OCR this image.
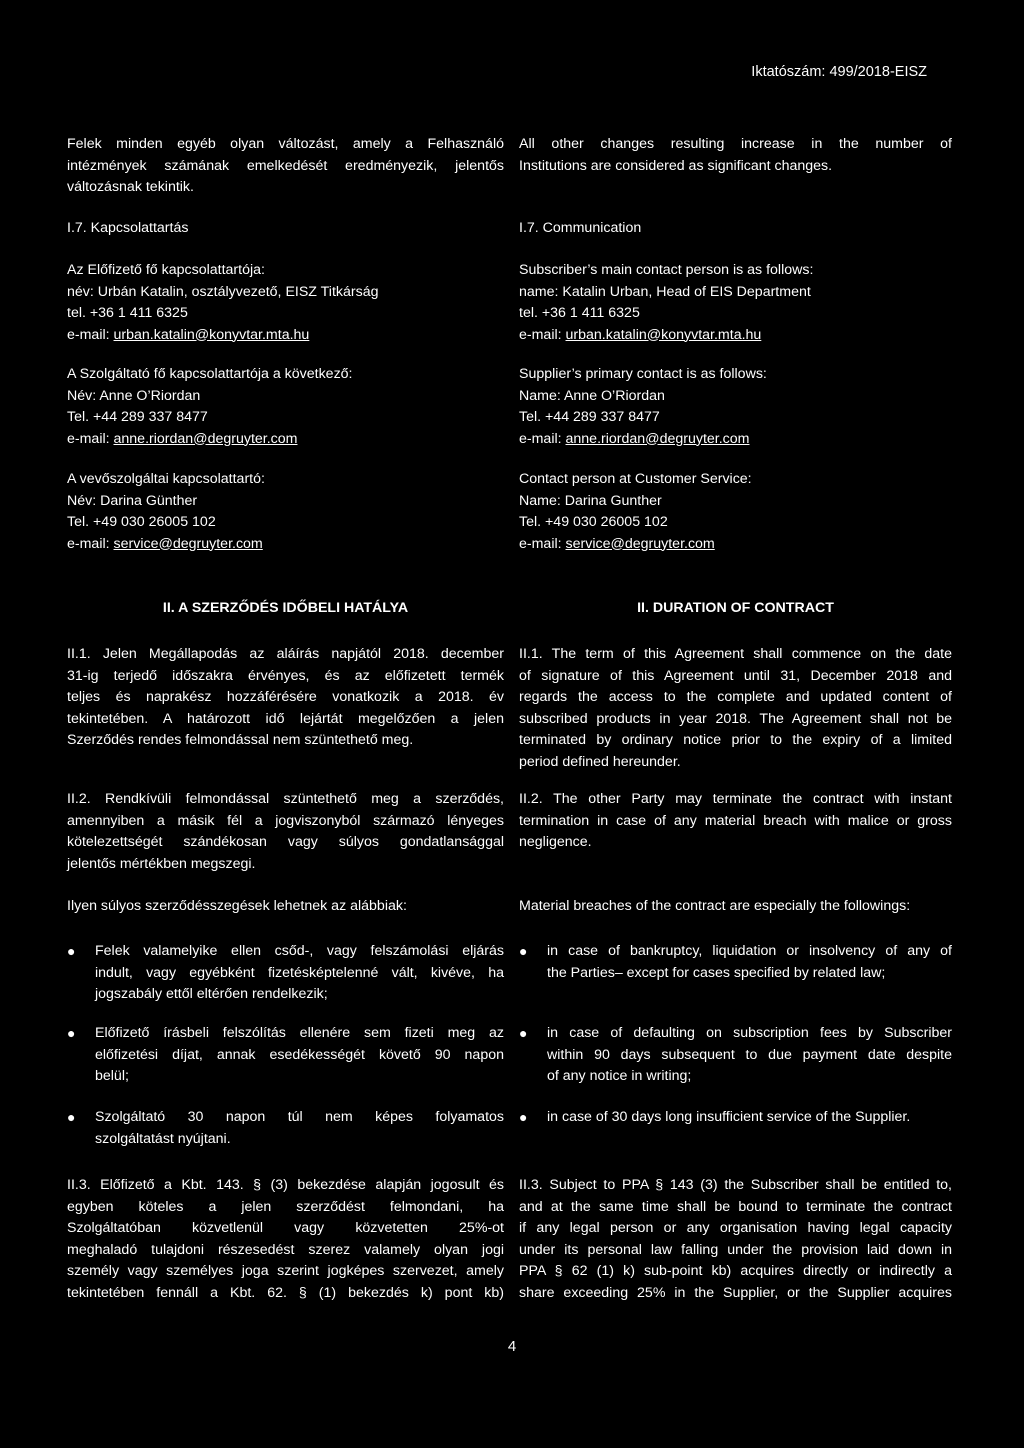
Iktatószám: 499/2018-EISZ
Felek minden egyéb olyan változást, amely a Felhasználó
intézmények számának emelkedését eredményezik, jelentős
változásnak tekintik.
All other changes resulting increase in the number of
Institutions are considered as significant changes.
I.7. Kapcsolattartás	I.7. Communication
Az Előfizető fő kapcsolattartója:
név: Urbán Katalin, osztályvezető, EISZ Titkárság
tel. +36 1 411 6325
e-mail: urban.katalin@konyvtar.mta.hu
Subscriber’s main contact person is as follows:
name: Katalin Urban, Head of EIS Department
tel. +36 1 411 6325
e-mail: urban.katalin@konyvtar.mta.hu
A Szolgáltató fő kapcsolattartója a következő:
Név: Anne O’Riordan
Tel. +44 289 337 8477
e-mail: anne.riordan@degruyter.com
Supplier’s primary contact is as follows:
Name: Anne O’Riordan
Tel. +44 289 337 8477
e-mail: anne.riordan@degruyter.com
A vevőszolgáltai kapcsolattartó:
Név: Darina Günther
Tel. +49 030 26005 102
e-mail: service@degruyter.com
Contact person at Customer Service:
Name: Darina Gunther
Tel. +49 030 26005 102
e-mail: service@degruyter.com
II. A SZERZŐDÉS IDŐBELI HATÁLYA	II. DURATION OF CONTRACT
II.1. Jelen Megállapodás az aláírás napjától 2018. december
31-ig terjedő időszakra érvényes, és az előfizetett termék
teljes és naprakész hozzáférésére vonatkozik a 2018. év
tekintetében. A határozott idő lejártát megelőzően a jelen
Szerződés rendes felmondással nem szüntethető meg.
II.1. The term of this Agreement shall commence on the date
of signature of this Agreement until 31, December 2018 and
regards the access to the complete and updated content of
subscribed products in year 2018. The Agreement shall not be
terminated by ordinary notice prior to the expiry of a limited
period defined hereunder.
II.2. Rendkívüli felmondással szüntethető meg a szerződés,
amennyiben a másik fél a jogviszonyból származó lényeges
kötelezettségét szándékosan vagy súlyos gondatlansággal
jelentős mértékben megszegi.
II.2. The other Party may terminate the contract with instant
termination in case of any material breach with malice or gross
negligence.
Ilyen súlyos szerződésszegések lehetnek az alábbiak:	Material breaches of the contract are especially the followings:
● Felek valamelyike ellen csőd-, vagy felszámolási eljárás
indult, vagy egyébként fizetésképtelenné vált, kivéve, ha
jogszabály ettől eltérően rendelkezik;
● Előfizető írásbeli felszólítás ellenére sem fizeti meg az
előfizetési díjat, annak esedékességét követő 90 napon
belül;
● Szolgáltató 30 napon túl nem képes folyamatos
szolgáltatást nyújtani.
● in case of bankruptcy, liquidation or insolvency of any of
the Parties– except for cases specified by related law;
● in case of defaulting on subscription fees by Subscriber
within 90 days subsequent to due payment date despite
of any notice in writing;
● in case of 30 days long insufficient service of the Supplier.
II.3. Előfizető a Kbt. 143. § (3) bekezdése alapján jogosult és
egyben köteles a jelen szerződést felmondani, ha
Szolgáltatóban közvetlenül vagy közvetetten 25%-ot
meghaladó tulajdoni részesedést szerez valamely olyan jogi
személy vagy személyes joga szerint jogképes szervezet, amely
tekintetében fennáll a Kbt. 62. § (1) bekezdés k) pont kb)
II.3. Subject to PPA § 143 (3) the Subscriber shall be entitled to,
and at the same time shall be bound to terminate the contract
if any legal person or any organisation having legal capacity
under its personal law falling under the provision laid down in
PPA § 62 (1) k) sub-point kb) acquires directly or indirectly a
share exceeding 25% in the Supplier, or the Supplier acquires
4
